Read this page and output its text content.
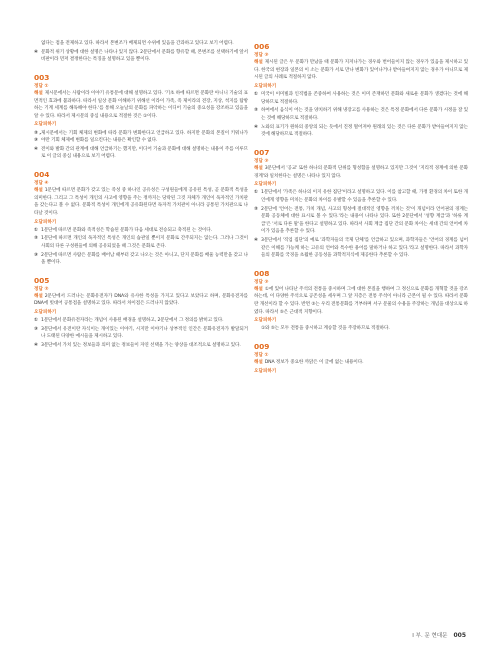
없다는 점을 전제하고 있다. 따라서 본변조가 배제되면 수위에 있음을 간과하고 있다고 보기 어렵다.
④ 문화적 위기 상황에 대한 설명은 나타나 있지 않다. 2문단에서 문화를 향유할 때, 본변조를 선택하기에 앞서 비판이라 먼저 결정한다는 특징을 설명하고 있을 뿐이다.
003
정답 ①

해설 제시문에서는 사람이라 이야기 유통문에 대해 설명하고 있다. '기초 하에 따르면 문화란 아니니 기술의 표면적인 효과에 불과하다. 따라서 일상 문화 이해하기 위해선 이라이 가족, 즉 제이라의 전장, 지상, 척지를 탐방하는 기계 세계를 해독해야 한다.'를 통해 오늘날의 문화를 파악하는 이디어 기술의 중요성을 강조하고 있음을 알 수 있다. 따라서 제시문의 중심 내용으로 적절한 것은 ①이다.

오답피하기
②, ③
제시문에서는 기회 체제의 변화에 따라 문화가 변화한다고 언급하고 있다. 하지만 문화의 본질이 키워나가야만 기회 체제에 변화를 일으킨다는 내용은 확인할 수 없다.
④ 전이와 발화 간의 관계에 대해 언급하기는 했지만, 이디어 기술과 문화에 대해 설명하는 내용이 주를 이루므로 이 글의 중심 내용으로 보기 어렵다.
004
정답 ④

해설 1문단에 따르면 문화가 갖고 있는 즉성 중 하나인 공유성은 구성원들에게 공유된 특성, 곧 문화적 특성을 의미한다. 그리고 그 특성이 개인의 사고에 영향을 주는 정까지는 당락된 그것 자체가 개인이 독자적인 가치관을 갖는다고 볼 수 없다. 문화적 특성이 개인에게 공유화된다면 독자적 가치관이 아니라 공통된 가치관으로 나타날 것이다.

오답피하기
① 1문단에 따르면 문화와 즉적성은 학습된 문화가 다음 세대로 전승되고 축적된 는 것이다.
② 1문단에 따르면 개인의 독자적인 특성은 개인의 습관일 뿐이지 문화로 간주되지는 않는다. 그러나 그것이 사회의 다른 구성원들에 의해 공유되었을 때 그것은 문화로 존다.
③ 2문단에 따르면 사람은 문화를 배어남 때부터 갖고 나오는 것은 아니고, 단지 문화를 배울 능력만을 갖고 나올 뿐이다.
005
정답 ②

해설 2문단에서 드러나는 문화유전자가 DNA와 유사한 특성을 가지고 있다고 보았다고 하며, 문화유전자를 DNA에 빗대어 공통점을 설명하고 있다. 따라서 차이점은 드러나지 않았다.

오답피하기
① 1문단에서 문화유전자라는 개념이 사용된 배경을 설명하고, 2문단에서 그 정의를 밝히고 있다.
③ 3문단에서 유전이란 자식이는 개이있는 이야기, 시지만 이야기나 상부적인 인간은 문화유전자가 발달되거나 도태된 다양한 예시들을 제시하고 있다.
④ 3문단에서 가치 있는 정보들과 의미 없는 정보들이 자연 선택을 가는 양상을 대조적으로 설명하고 있다.
006
정답 ③

해설 제시된 글은 두 문화가 만났을 때 문화가 지져나가는 경우와 번어들이지 않는 경우가 있음을 제시하고 있다. 한국의 현장과 일본의 이 소는 문화가 서로 만나 변화가 있어나거나 받아들여지지 않는 경우가 아니므로 제시된 글의 사례로 적절하지 않다.

오답피하기
① 미국이 이미빌과 인직법을 존중하여 사용하는 것은 이미 존재하던 문화와 새로운 문화가 생겼다는 것에 해당하므로 적절하다.
② 하여에서 음식이 어는 것을 양치하기 위해 냉장고를 사용하는 것은 특정 문화에서 다른 문화가 시정을 잘 있는 것에 해당하므로 적절하다.
④ 노와의 표기가 원하의 중앙의 되는 듯에서 진정 떨어져야 원래의 있는 것은 다른 문화가 받아들여지지 않는 것에 해당하므로 적절하다.
007
정답 ③

해설 3문단에서 '공교' 또한 하나의 문화적 단위를 형성함을 설명하고 있지만 그것이 '지리적 경계에 의한 문화 경계'와 일치한다는 설명은 나타나 있지 않다.

오답피하기
① 1문단에서 '가족은 하나의 이지 유한 집단'이라고 설명하고 있다. 이를 참고할 때, 가정 환경의 차이 또한 개인에게 영향을 미치는 문화의 차이를 유발할 수 있음을 추론할 수 있다.
② 2문단에 '언어는 전통, 가치 개념, 사고의 형성에 절대적인 영향을 끼치는 것'이 개념이라 언어권의 경계는 문화 공동체에 대한 표시로 볼 수 있다.'라는 내용이 나타나 있다. 또한 2문단에서 '성향 계급'과 '하류 계급'은 '서로 다른 말'을 한다고 설명하고 있다. 따라서 사회 계급 집단 간의 문화 차이는 세대 간의 언어에 차이가 있음을 추론할 수 있다.
④ 3문단에서 '직업 집단'의 예로 '과학자들의 국제 단체'를 언급하고 있으며, 과학자들은 '언어의 경계를 넘어 같은 이해를 가능케 하는 고유의 언어와 특수한 용어를 말하거나 하고 있다.'라고 설명한다. 따라서 과학자들의 문화를 국경을 초월한 공동성을 과학적지식에 제공한다 추론할 수 있다.
008
정답 ③

해설 ①에 있어 나타난 주석의 전통을 중시하며 그에 대한 본질을 행하여 그 정신으로 문화를 개혁할 것을 강조하는데, 이 다양한 주석으로 공존성을 세우며 그 앞 지층은 전통 주석이 아니라 근본이 될 수 있다. 따라서 문화란 개선이라 할 수 있다. 반면 ⑤는 우리 전통문화를 거부하며 서구 문물의 수용을 주장하는 개념을 대상으로 하였다. 따라서 ⑤은 근대적 지향이다.

오답피하기
①와 ⑤는 모두 전통을 중시하고 계승할 것을 주장하므로 적절하다.
009
정답 ①

해설 DNA 정보가 중요한 까닭은 이 글에 없는 내용이다.

오답피하기
I 부. 문 현대문 005
